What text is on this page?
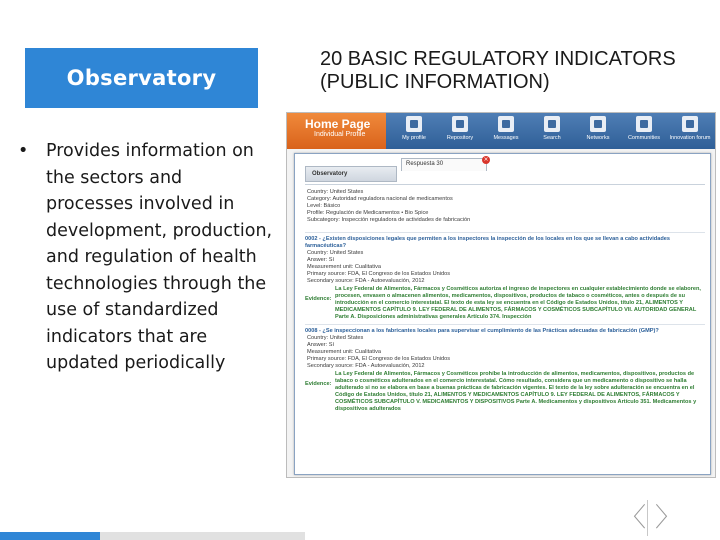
Observatory
20 BASIC REGULATORY INDICATORS (PUBLIC INFORMATION)
• Provides information on the sectors and processes involved in development, production, and regulation of health technologies through the use of standardized indicators that are updated periodically
Home Page
Individual Profile	My profile	Repository	Messages	Search	Networks	Communities	Innovation forum
Observatory
Respuesta 30
×
Country: United States
Category: Autoridad reguladora nacional de medicamentos
Level: Básico
Profile: Regulación de Medicamentos • Bio Spice
Subcategory: Inspección reguladora de actividades de fabricación
0002 - ¿Existen disposiciones legales que permiten a los inspectores la inspección de los locales en los que se llevan a cabo actividades farmacéuticas?
Country: United States
Answer: Sí
Measurement unit: Cualitativa
Primary source: FDA, El Congreso de los Estados Unidos
Secondary source: FDA - Autoevaluación, 2012
Evidence:
La Ley Federal de Alimentos, Fármacos y Cosméticos autoriza el ingreso de inspectores en cualquier establecimiento donde se elaboren, procesen, envasen o almacenen alimentos, medicamentos, dispositivos, productos de tabaco o cosméticos, antes o después de su introducción en el comercio interestatal. El texto de esta ley se encuentra en el Código de Estados Unidos, título 21, ALIMENTOS Y MEDICAMENTOS CAPÍTULO 9. LEY FEDERAL DE ALIMENTOS, FÁRMACOS Y COSMÉTICOS SUBCAPÍTULO VII. AUTORIDAD GENERAL Parte A. Disposiciones administrativas generales Artículo 374. Inspección
0008 - ¿Se inspeccionan a los fabricantes locales para supervisar el cumplimiento de las Prácticas adecuadas de fabricación (GMP)?
Country: United States
Answer: Sí
Measurement unit: Cualitativa
Primary source: FDA, El Congreso de los Estados Unidos
Secondary source: FDA - Autoevaluación, 2012
Evidence:
La Ley Federal de Alimentos, Fármacos y Cosméticos prohíbe la introducción de alimentos, medicamentos, dispositivos, productos de tabaco o cosméticos adulterados en el comercio interestatal. Cómo resultado, considera que un medicamento o dispositivo se halla adulterado si no se elabora en base a buenas prácticas de fabricación vigentes. El texto de la ley sobre adulteración se encuentra en el Código de Estados Unidos, título 21, ALIMENTOS Y MEDICAMENTOS CAPÍTULO 9. LEY FEDERAL DE ALIMENTOS, FÁRMACOS Y COSMÉTICOS SUBCAPÍTULO V. MEDICAMENTOS Y DISPOSITIVOS Parte A. Medicamentos y dispositivos Artículo 351. Medicamentos y dispositivos adulterados
〈 〉
